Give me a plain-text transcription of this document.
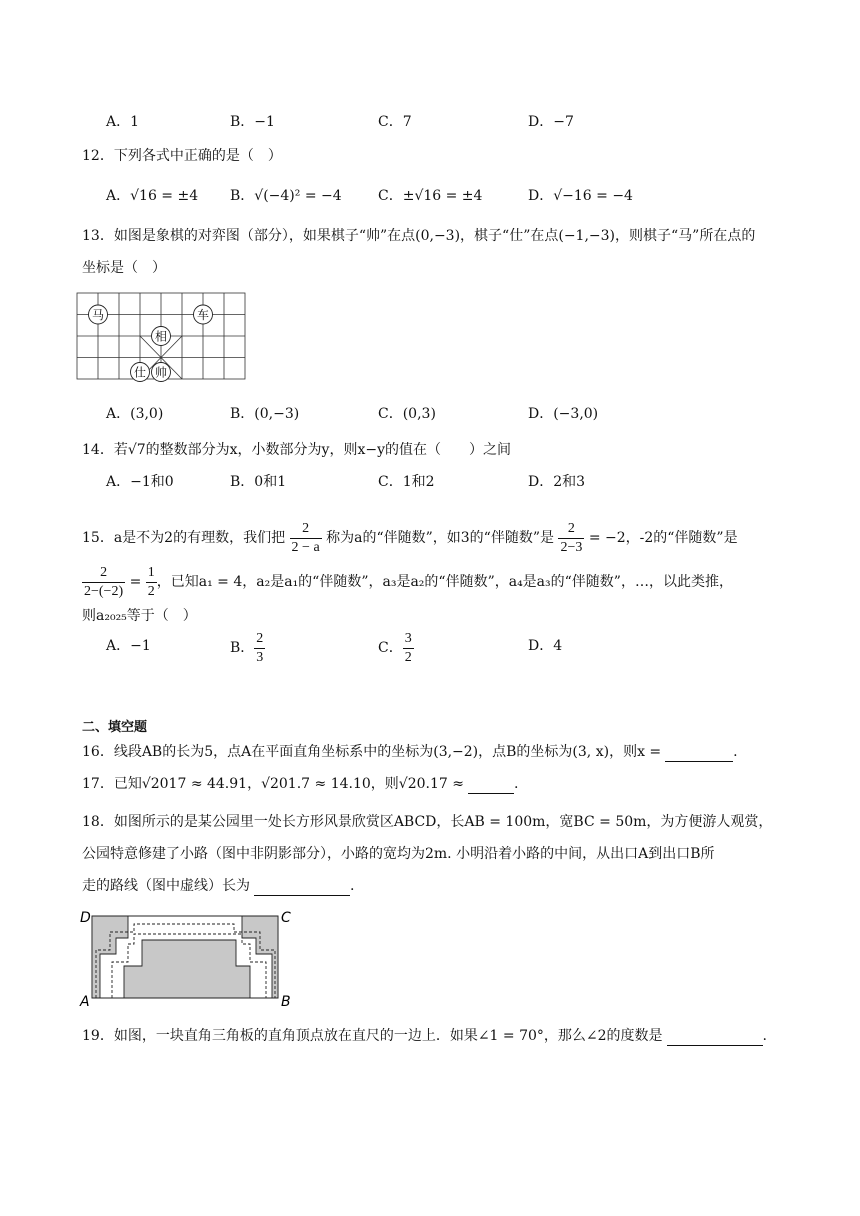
A．1	B．−1	C．7	D．−7
12．下列各式中正确的是（　）
A．√16 = ±4 B．√(−4)² = −4	C．±√16 = ±4	D．√−16 = −4
13．如图是象棋的对弈图（部分），如果棋子“帅”在点(0,−3)，棋子“仕”在点(−1,−3)，则棋子“马”所在点的
坐标是（　）
马	车
相
仕 帅
A．(3,0)	B．(0,−3)	C．(0,3)	D．(−3,0)
14．若√7的整数部分为x，小数部分为y，则x−y的值在（　　）之间
A．−1和0	B．0和1	C．1和2	D．2和3
15．a是不为2的有理数，我们把 $\frac{2}{2 - a}$ 称为a的“伴随数”，如3的“伴随数”是 $\frac{2}{2-3} = -2$，-2的“伴随数”是
$\frac{2}{2-(-2)} = \frac{1}{2}$ ，已知a₁ = 4，a₂是a₁的“伴随数”，a₃是a₂的“伴随数”，a₄是a₃的“伴随数”，…，以此类推，
则a₂₀₂₅等于（　）
A．−1	B． $\frac{2}{3}$	C． $\frac{3}{2}$	D．4
二、填空题
16．线段AB的长为5，点A在平面直角坐标系中的坐标为(3,−2)，点B的坐标为(3, x)，则x =	.
17．已知√2017 ≈ 44.91，√201.7 ≈ 14.10，则√20.17 ≈	.
18．如图所示的是某公园里一处长方形风景欣赏区ABCD，长AB = 100m，宽BC = 50m，为方便游人观赏，
公园特意修建了小路（图中非阴影部分），小路的宽均为2m. 小明沿着小路的中间，从出口A到出口B所
走的路线（图中虚线）长为	.
D	C
A	B
19．如图，一块直角三角板的直角顶点放在直尺的一边上．如果∠1 = 70°，那么∠2的度数是	.
